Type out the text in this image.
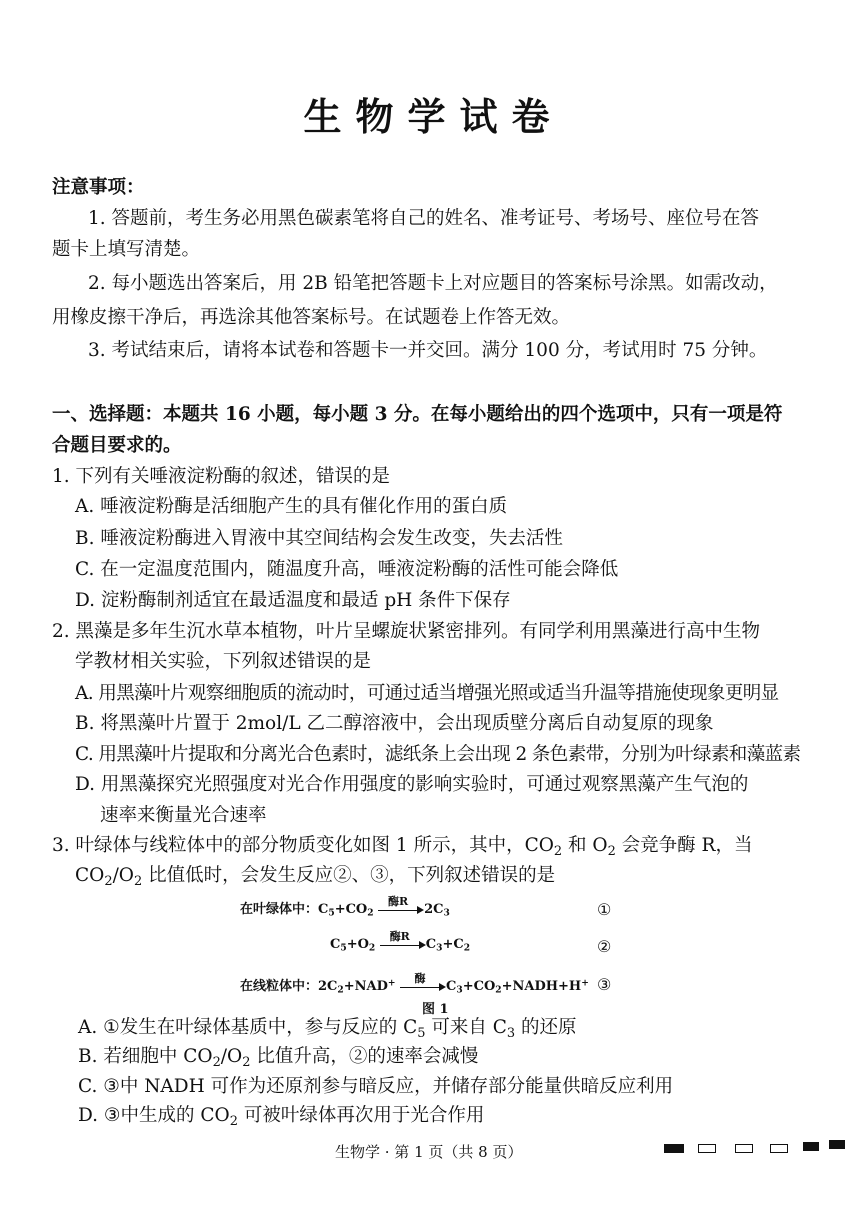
生物学试卷
注意事项：
1. 答题前，考生务必用黑色碳素笔将自己的姓名、准考证号、考场号、座位号在答
题卡上填写清楚。
2. 每小题选出答案后，用 2B 铅笔把答题卡上对应题目的答案标号涂黑。如需改动，
用橡皮擦干净后，再选涂其他答案标号。在试题卷上作答无效。
3. 考试结束后，请将本试卷和答题卡一并交回。满分 100 分，考试用时 75 分钟。
一、选择题：本题共 16 小题，每小题 3 分。在每小题给出的四个选项中，只有一项是符
合题目要求的。
1. 下列有关唾液淀粉酶的叙述，错误的是
A. 唾液淀粉酶是活细胞产生的具有催化作用的蛋白质
B. 唾液淀粉酶进入胃液中其空间结构会发生改变，失去活性
C. 在一定温度范围内，随温度升高，唾液淀粉酶的活性可能会降低
D. 淀粉酶制剂适宜在最适温度和最适 pH 条件下保存
2. 黑藻是多年生沉水草本植物，叶片呈螺旋状紧密排列。有同学利用黑藻进行高中生物
学教材相关实验，下列叙述错误的是
A. 用黑藻叶片观察细胞质的流动时，可通过适当增强光照或适当升温等措施使现象更明显
B. 将黑藻叶片置于 2mol/L 乙二醇溶液中，会出现质壁分离后自动复原的现象
C. 用黑藻叶片提取和分离光合色素时，滤纸条上会出现 2 条色素带，分别为叶绿素和藻蓝素
D. 用黑藻探究光照强度对光合作用强度的影响实验时，可通过观察黑藻产生气泡的
速率来衡量光合速率
3. 叶绿体与线粒体中的部分物质变化如图 1 所示，其中，$CO_2$ 和 $O_2$ 会竞争酶 R，当
$CO_2/O_2$ 比值低时，会发生反应②、③，下列叙述错误的是
在叶绿体中：$C_5+CO_2$
酶R
$2C_3$	①
$C_5+O_2$
酶R
$C_3+C_2$	②
在线粒体中：$2C_2+NAD^+$	酶
$C_3+CO_2+NADH+H^+$ ③
图 1
A. ①发生在叶绿体基质中，参与反应的 $C_5$ 可来自 $C_3$ 的还原
B. 若细胞中 $CO_2/O_2$ 比值升高，②的速率会减慢
C. ③中 NADH 可作为还原剂参与暗反应，并储存部分能量供暗反应利用
D. ③中生成的 $CO_2$ 可被叶绿体再次用于光合作用
生物学 · 第 1 页（共 8 页）
